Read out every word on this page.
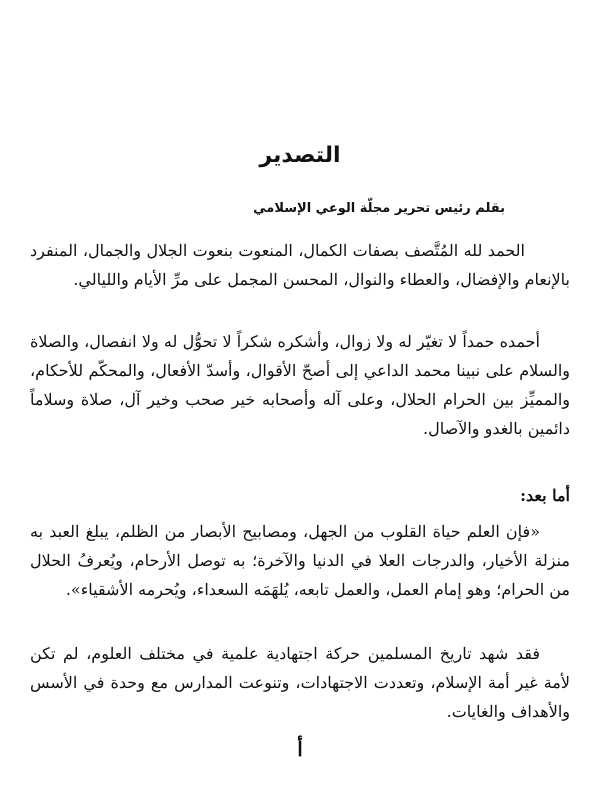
التصدير

بقلم رئيس تحرير مجلّة الوعي الإسلامي

الحمد لله المُتَّصف بصفات الكمال، المنعوت بنعوت الجلال والجمال، المنفرد بالإنعام والإفضال، والعطاء والنوال، المحسن المجمل على مرِّ الأيام والليالي.

أحمده حمداً لا تغيّر له ولا زوال، وأشكره شكراً لا تحوُّل له ولا انفصال، والصلاة والسلام على نبينا محمد الداعي إلى أصحّ الأقوال، وأسدّ الأفعال، والمحكّم للأحكام، والمميِّز بين الحرام الحلال، وعلى آله وأصحابه خير صحب وخير آل، صلاة وسلاماً دائمين بالغدو والآصال.

أما بعد:

«فإن العلم حياة القلوب من الجهل، ومصابيح الأبصار من الظلم، يبلغ العبد به منزلة الأخيار، والدرجات العلا في الدنيا والآخرة؛ به توصل الأرحام، ويُعرفُ الحلال من الحرام؛ وهو إمام العمل، والعمل تابعه، يُلهَمَه السعداء، ويُحرمه الأشقياء».

فقد شهد تاريخ المسلمين حركة اجتهادية علمية في مختلف العلوم، لم تكن لأمة غير أمة الإسلام، وتعددت الاجتهادات، وتنوعت المدارس مع وحدة في الأسس والأهداف والغايات.

أ
